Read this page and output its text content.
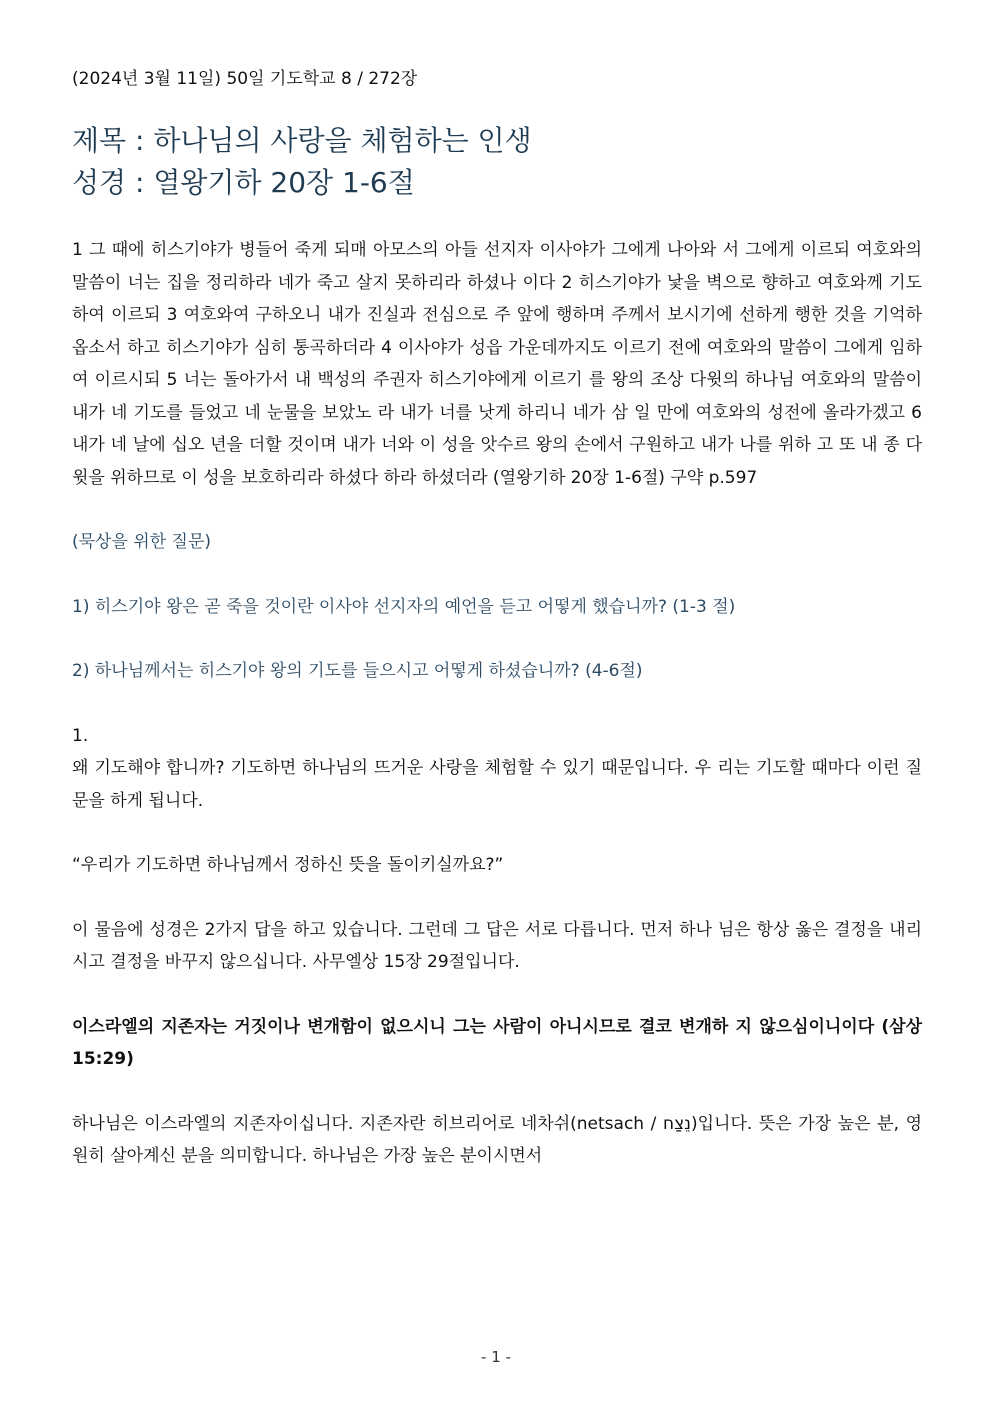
(2024년 3월 11일) 50일 기도학교 8 / 272장

제목 : 하나님의 사랑을 체험하는 인생

성경 : 열왕기하 20장 1-6절

1 그 때에 히스기야가 병들어 죽게 되매 아모스의 아들 선지자 이사야가 그에게 나아와 서 그에게 이르되 여호와의 말씀이 너는 집을 정리하라 네가 죽고 살지 못하리라 하셨나 이다 2 히스기야가 낯을 벽으로 향하고 여호와께 기도하여 이르되 3 여호와여 구하오니 내가 진실과 전심으로 주 앞에 행하며 주께서 보시기에 선하게 행한 것을 기억하옵소서 하고 히스기야가 심히 통곡하더라 4 이사야가 성읍 가운데까지도 이르기 전에 여호와의 말씀이 그에게 임하여 이르시되 5 너는 돌아가서 내 백성의 주권자 히스기야에게 이르기 를 왕의 조상 다윗의 하나님 여호와의 말씀이 내가 네 기도를 들었고 네 눈물을 보았노 라 내가 너를 낫게 하리니 네가 삼 일 만에 여호와의 성전에 올라가겠고 6 내가 네 날에 십오 년을 더할 것이며 내가 너와 이 성을 앗수르 왕의 손에서 구원하고 내가 나를 위하 고 또 내 종 다윗을 위하므로 이 성을 보호하리라 하셨다 하라 하셨더라 (열왕기하 20장 1-6절) 구약 p.597

(묵상을 위한 질문)

1) 히스기야 왕은 곧 죽을 것이란 이사야 선지자의 예언을 듣고 어떻게 했습니까? (1-3 절)

2) 하나님께서는 히스기야 왕의 기도를 들으시고 어떻게 하셨습니까? (4-6절)

1.

왜 기도해야 합니까? 기도하면 하나님의 뜨거운 사랑을 체험할 수 있기 때문입니다. 우 리는 기도할 때마다 이런 질문을 하게 됩니다.

“우리가 기도하면 하나님께서 정하신 뜻을 돌이키실까요?”

이 물음에 성경은 2가지 답을 하고 있습니다. 그런데 그 답은 서로 다릅니다. 먼저 하나 님은 항상 옳은 결정을 내리시고 결정을 바꾸지 않으십니다. 사무엘상 15장 29절입니다.

이스라엘의 지존자는 거짓이나 변개함이 없으시니 그는 사람이 아니시므로 결코 변개하 지 않으심이니이다 (삼상 15:29)

하나님은 이스라엘의 지존자이십니다. 지존자란 히브리어로 네차쉬(netsach / נֵצַח)입니다. 뜻은 가장 높은 분, 영원히 살아계신 분을 의미합니다. 하나님은 가장 높은 분이시면서

- 1 -
